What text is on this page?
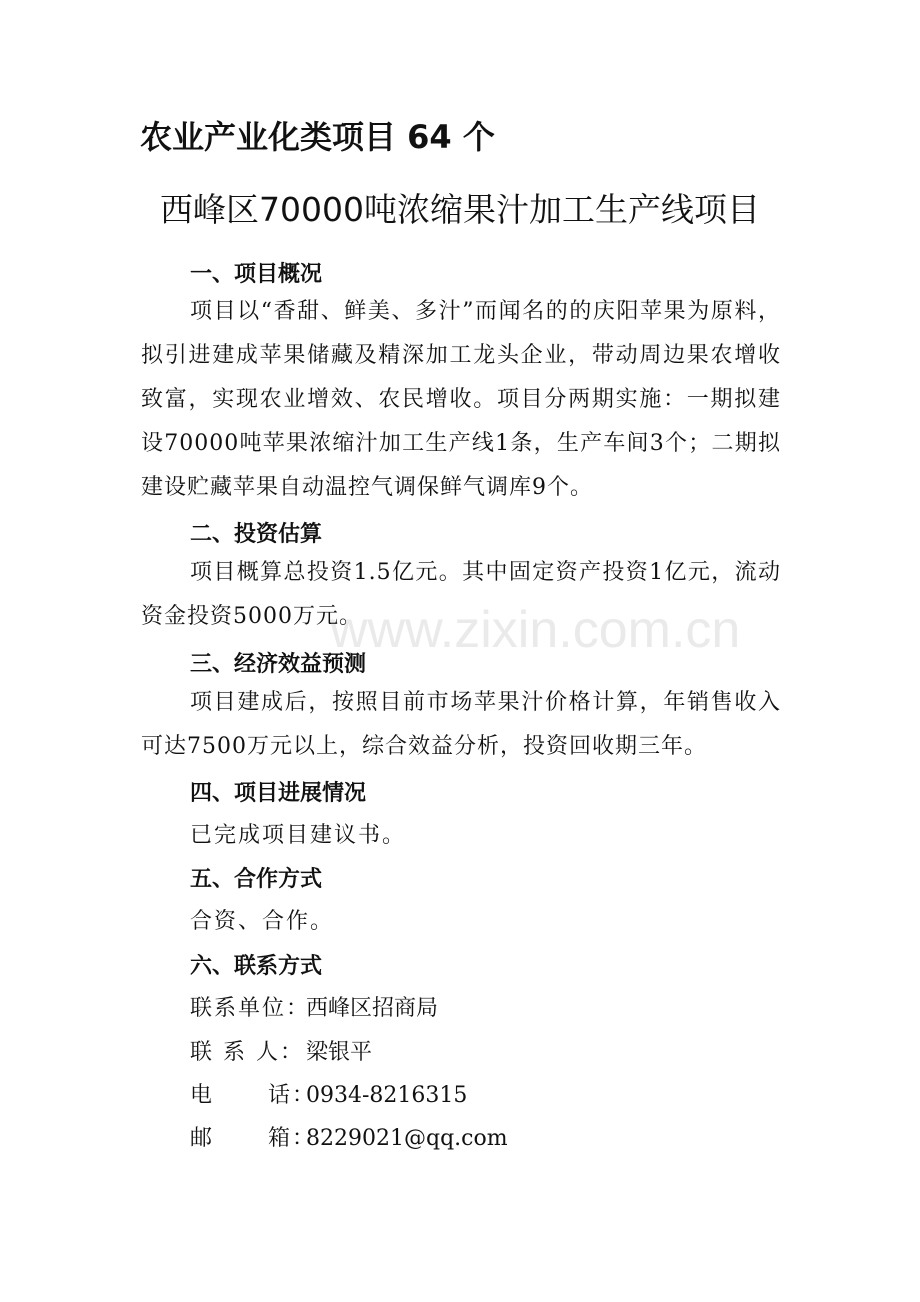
农业产业化类项目 64 个
西峰区70000吨浓缩果汁加工生产线项目
一、项目概况
项目以“香甜、鲜美、多汁”而闻名的的庆阳苹果为原料，拟引进建成苹果储藏及精深加工龙头企业，带动周边果农增收致富，实现农业增效、农民增收。项目分两期实施：一期拟建设70000吨苹果浓缩汁加工生产线1条，生产车间3个；二期拟建设贮藏苹果自动温控气调保鲜气调库9个。
二、投资估算
项目概算总投资1.5亿元。其中固定资产投资1亿元，流动资金投资5000万元。
三、经济效益预测
项目建成后，按照目前市场苹果汁价格计算，年销售收入可达7500万元以上，综合效益分析，投资回收期三年。
四、项目进展情况
已完成项目建议书。
五、合作方式
合资、合作。
六、联系方式
联系单位：西峰区招商局
联 系 人：梁银平
电      话：0934-8216315
邮      箱：8229021@qq.com
www.zixin.com.cn
